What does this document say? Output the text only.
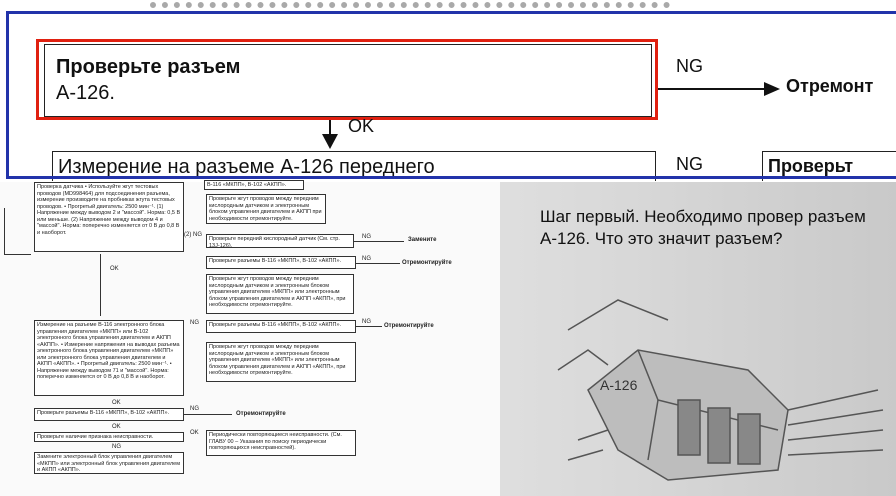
Проверьте разъем
А-126.
NG
Отремонт
OK
Измерение на разъеме А-126 переднего	NG	Проверьт
Проверка датчика • Используйте жгут тестовых проводов (MD998464) для подсоединения разъема, измерение производите на пробниках жгута тестовых проводов. • Прогретый двигатель: 2500 мин⁻¹. (1) Напряжение между выводом 2 и "массой". Норма: 0,5 В или меньше. (2) Напряжение между выводом 4 и "массой". Норма: поперечно изменяется от 0 В до 0,8 В и наоборот.
В-116 «МКПП», В-102 «АКПП».
Проверьте жгут проводов между передним кислородным датчиком и электронным блоком управления двигателем и АКПП при необходимости отремонтируйте.
(2) NG
Проверьте передний кислородный датчик (См. стр. 13J-126).
NG	Замените
Проверьте разъемы В-116 «МКПП», В-102 «АКПП».	NG
Отремонтируйте
Проверьте жгут проводов между передним кислородным датчиком и электронным блоком управления двигателем «МКПП» или электронным блоком управления двигателем и АКПП «АКПП», при необходимости отремонтируйте.
OK
Измерение на разъеме В-116 электронного блока управления двигателем «МКПП» или В-102 электронного блока управления двигателем и АКПП «АКПП». • Измерение напряжения на выводах разъема электронного блока управления двигателем «МКПП» или электронного блока управления двигателем и АКПП «АКПП». • Прогретый двигатель: 2500 мин⁻¹. • Напряжение между выводом 71 и "массой". Норма: поперечно изменяется от 0 В до 0,8 В и наоборот.
NG	Проверьте разъемы В-116 «МКПП», В-102 «АКПП».	NG
Отремонтируйте
Проверьте жгут проводов между передним кислородным датчиком и электронным блоком управления двигателем «МКПП» или электронным блоком управления двигателем и АКПП «АКПП», при необходимости отремонтируйте.
OK
Проверьте разъемы В-116 «МКПП», В-102 «АКПП».
NG
Отремонтируйте
OK
Проверьте наличие признака неисправности.
OK	Периодически повторяющиеся неисправности. (См. ГЛАВУ 00 – Указания по поиску периодически повторяющихся неисправностей).
NG
Замените электронный блок управления двигателем «МКПП» или электронный блок управления двигателем и АКПП «АКПП».
Шаг первый. Необходимо провер разъем А-126. Что это значит разъем?
A-126
